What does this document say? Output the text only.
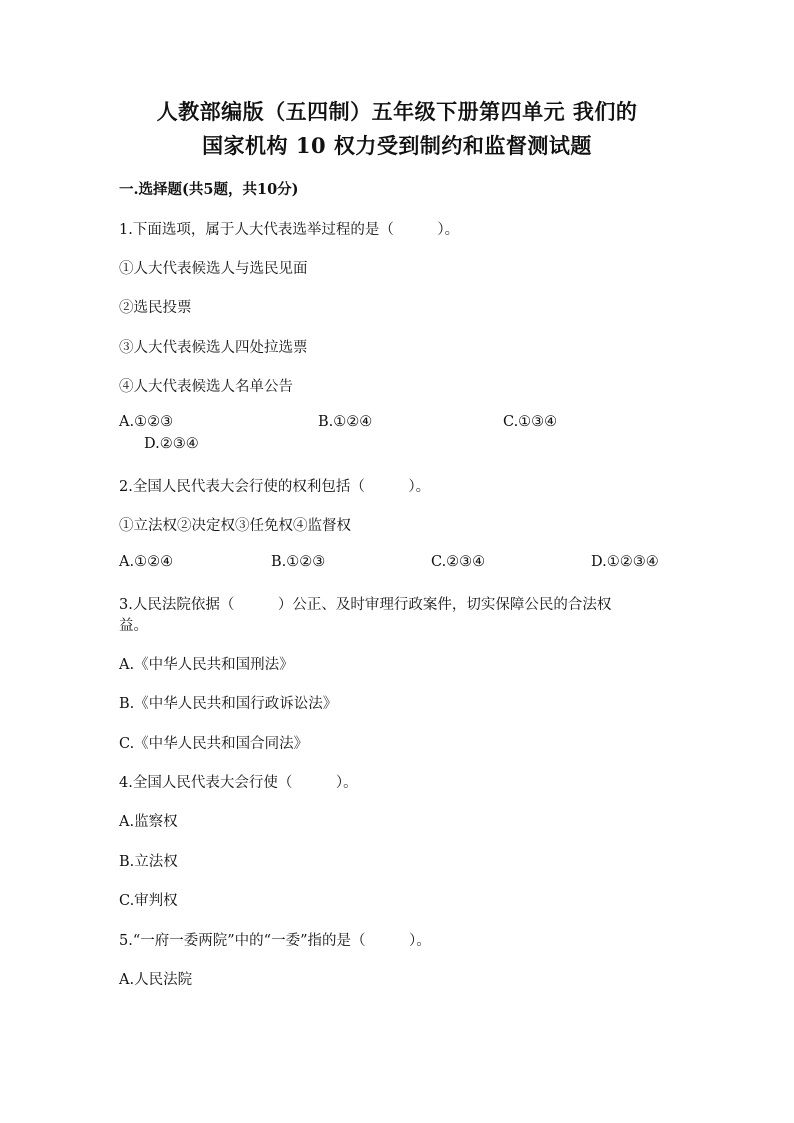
人教部编版（五四制）五年级下册第四单元 我们的
国家机构 10 权力受到制约和监督测试题
一.选择题(共5题，共10分)
1.下面选项，属于人大代表选举过程的是（　　　）。
①人大代表候选人与选民见面
②选民投票
③人大代表候选人四处拉选票
④人大代表候选人名单公告
A.①②③	B.①②④	C.①③④
D.②③④
2.全国人民代表大会行使的权利包括（　　　）。
①立法权②决定权③任免权④监督权
A.①②④	B.①②③	C.②③④	D.①②③④
3.人民法院依据（　　　）公正、及时审理行政案件，切实保障公民的合法权
益。
A.《中华人民共和国刑法》
B.《中华人民共和国行政诉讼法》
C.《中华人民共和国合同法》
4.全国人民代表大会行使（　　　）。
A.监察权
B.立法权
C.审判权
5.“一府一委两院”中的“一委”指的是（　　　）。
A.人民法院
